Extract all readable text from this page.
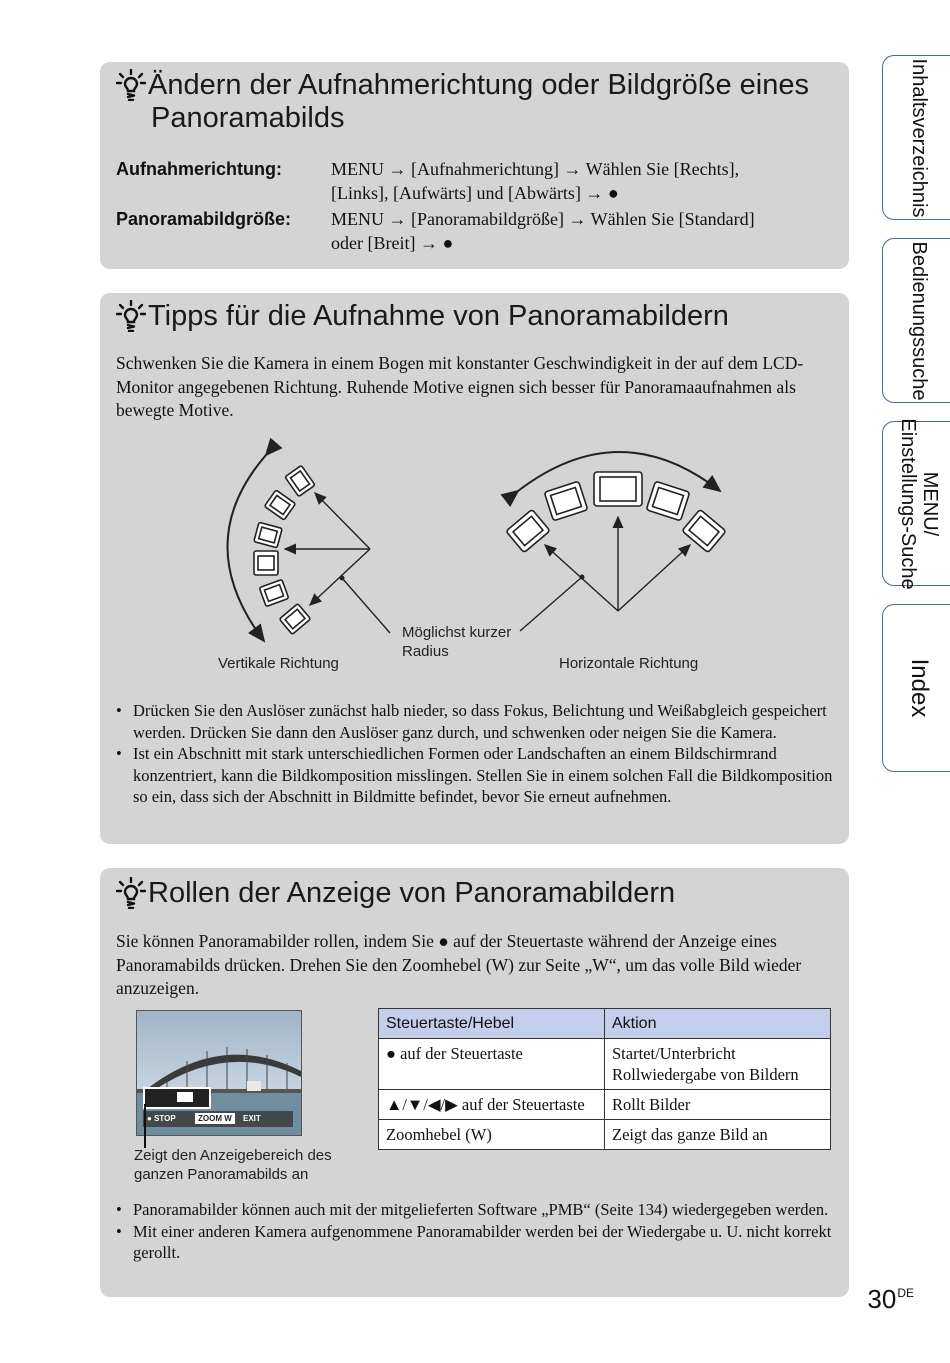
Ändern der Aufnahmerichtung oder Bildgröße eines
Panoramabilds
Aufnahmerichtung:	MENU → [Aufnahmerichtung] → Wählen Sie [Rechts],
[Links], [Aufwärts] und [Abwärts] → ●
Panoramabildgröße: MENU → [Panoramabildgröße] → Wählen Sie [Standard]
oder [Breit] → ●
Tipps für die Aufnahme von Panoramabildern

Schwenken Sie die Kamera in einem Bogen mit konstanter Geschwindigkeit in der auf dem LCD-Monitor angegebenen Richtung. Ruhende Motive eignen sich besser für Panoramaaufnahmen als bewegte Motive.

Vertikale Richtung
Möglichst kurzer
Radius
Horizontale Richtung
• Drücken Sie den Auslöser zunächst halb nieder, so dass Fokus, Belichtung und Weißabgleich gespeichert werden. Drücken Sie dann den Auslöser ganz durch, und schwenken oder neigen Sie die Kamera.
• Ist ein Abschnitt mit stark unterschiedlichen Formen oder Landschaften an einem Bildschirmrand konzentriert, kann die Bildkomposition misslingen. Stellen Sie in einem solchen Fall die Bildkomposition so ein, dass sich der Abschnitt in Bildmitte befindet, bevor Sie erneut aufnehmen.
Rollen der Anzeige von Panoramabildern

Sie können Panoramabilder rollen, indem Sie ● auf der Steuertaste während der Anzeige eines Panoramabilds drücken. Drehen Sie den Zoomhebel (W) zur Seite „W“, um das volle Bild wieder anzuzeigen.

● STOP	ZOOM W	EXIT
Zeigt den Anzeigebereich des
ganzen Panoramabilds an
• Panoramabilder können auch mit der mitgelieferten Software „PMB“ (Seite 134) wiedergegeben werden.
• Mit einer anderen Kamera aufgenommene Panoramabilder werden bei der Wiedergabe u. U. nicht korrekt gerollt.
Steuertaste/Hebel	Aktion
● auf der Steuertaste	Startet/Unterbricht Rollwiedergabe von Bildern
▲/▼/◀/▶ auf der Steuertaste	Rollt Bilder
Zoomhebel (W)	Zeigt das ganze Bild an
Inhaltsverzeichnis
Bedienungssuche
MENU/
Einstellungs-Suche
Index
30DE
